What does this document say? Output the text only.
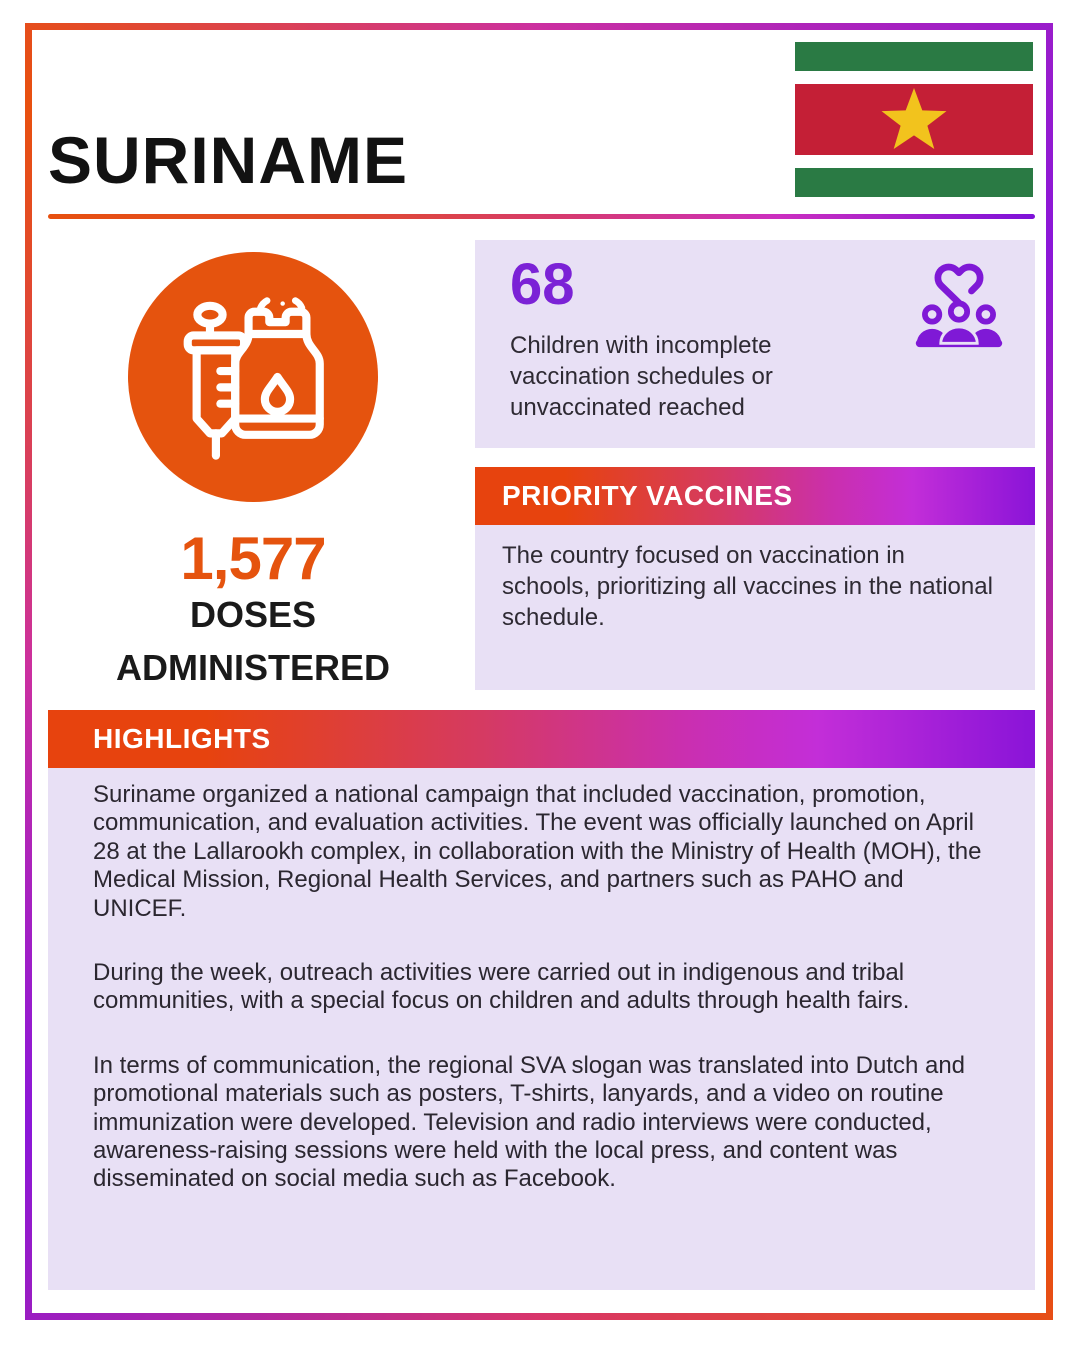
SURINAME
1,577
DOSES
ADMINISTERED
68
Children with incomplete vaccination schedules or unvaccinated reached
PRIORITY VACCINES
The country focused on vaccination in schools, prioritizing all vaccines in the national schedule.
HIGHLIGHTS

Suriname organized a national campaign that included vaccination, promotion, communication, and evaluation activities. The event was officially launched on April 28 at the Lallarookh complex, in collaboration with the Ministry of Health (MOH), the Medical Mission, Regional Health Services, and partners such as PAHO and UNICEF.

During the week, outreach activities were carried out in indigenous and tribal communities, with a special focus on children and adults through health fairs.

In terms of communication, the regional SVA slogan was translated into Dutch and promotional materials such as posters, T-shirts, lanyards, and a video on routine immunization were developed. Television and radio interviews were conducted, awareness-raising sessions were held with the local press, and content was disseminated on social media such as Facebook.
